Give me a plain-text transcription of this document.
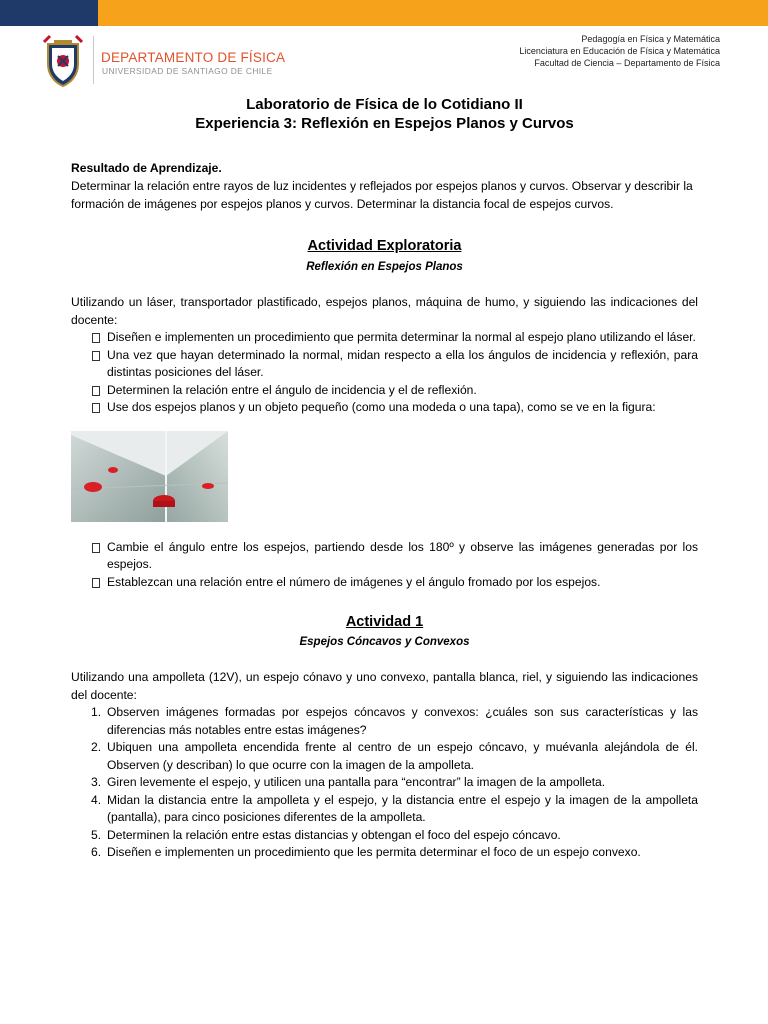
DEPARTAMENTO DE FÍSICA
UNIVERSIDAD DE SANTIAGO DE CHILE
Pedagogía en Física y Matemática
Licenciatura en Educación de Física y Matemática
Facultad de Ciencia – Departamento de Física
Laboratorio de Física de lo Cotidiano II
Experiencia 3: Reflexión en Espejos Planos y Curvos
Resultado de Aprendizaje.
Determinar la relación entre rayos de luz incidentes y reflejados por espejos planos y curvos. Observar y describir la formación de imágenes por espejos planos y curvos. Determinar la distancia focal de espejos curvos.
Actividad Exploratoria
Reflexión en Espejos Planos
Utilizando un láser, transportador plastificado, espejos planos, máquina de humo, y siguiendo las indicaciones del docente:
Diseñen e implementen un procedimiento que permita determinar la normal al espejo plano utilizando el láser.
Una vez que hayan determinado la normal, midan respecto a ella los ángulos de incidencia y reflexión, para distintas posiciones del láser.
Determinen la relación entre el ángulo de incidencia y el de reflexión.
Use dos espejos planos y un objeto pequeño (como una modeda o una tapa), como se ve en la figura:
Cambie el ángulo entre los espejos, partiendo desde los 180º y observe las imágenes generadas por los espejos.
Establezcan una relación entre el número de imágenes y el ángulo fromado por los espejos.
Actividad 1
Espejos Cóncavos y Convexos
Utilizando una ampolleta (12V), un espejo cónavo y uno convexo, pantalla blanca, riel, y siguiendo las indicaciones del docente:
1. Observen imágenes formadas por espejos cóncavos y convexos: ¿cuáles son sus características y las diferencias más notables entre estas imágenes?
2. Ubiquen una ampolleta encendida frente al centro de un espejo cóncavo, y muévanla alejándola de él. Observen (y describan) lo que ocurre con la imagen de la ampolleta.
3. Giren levemente el espejo, y utilicen una pantalla para “encontrar” la imagen de la ampolleta.
4. Midan la distancia entre la ampolleta y el espejo, y la distancia entre el espejo y la imagen de la ampolleta (pantalla), para cinco posiciones diferentes de la ampolleta.
5. Determinen la relación entre estas distancias y obtengan el foco del espejo cóncavo.
6. Diseñen e implementen un procedimiento que les permita determinar el foco de un espejo convexo.
